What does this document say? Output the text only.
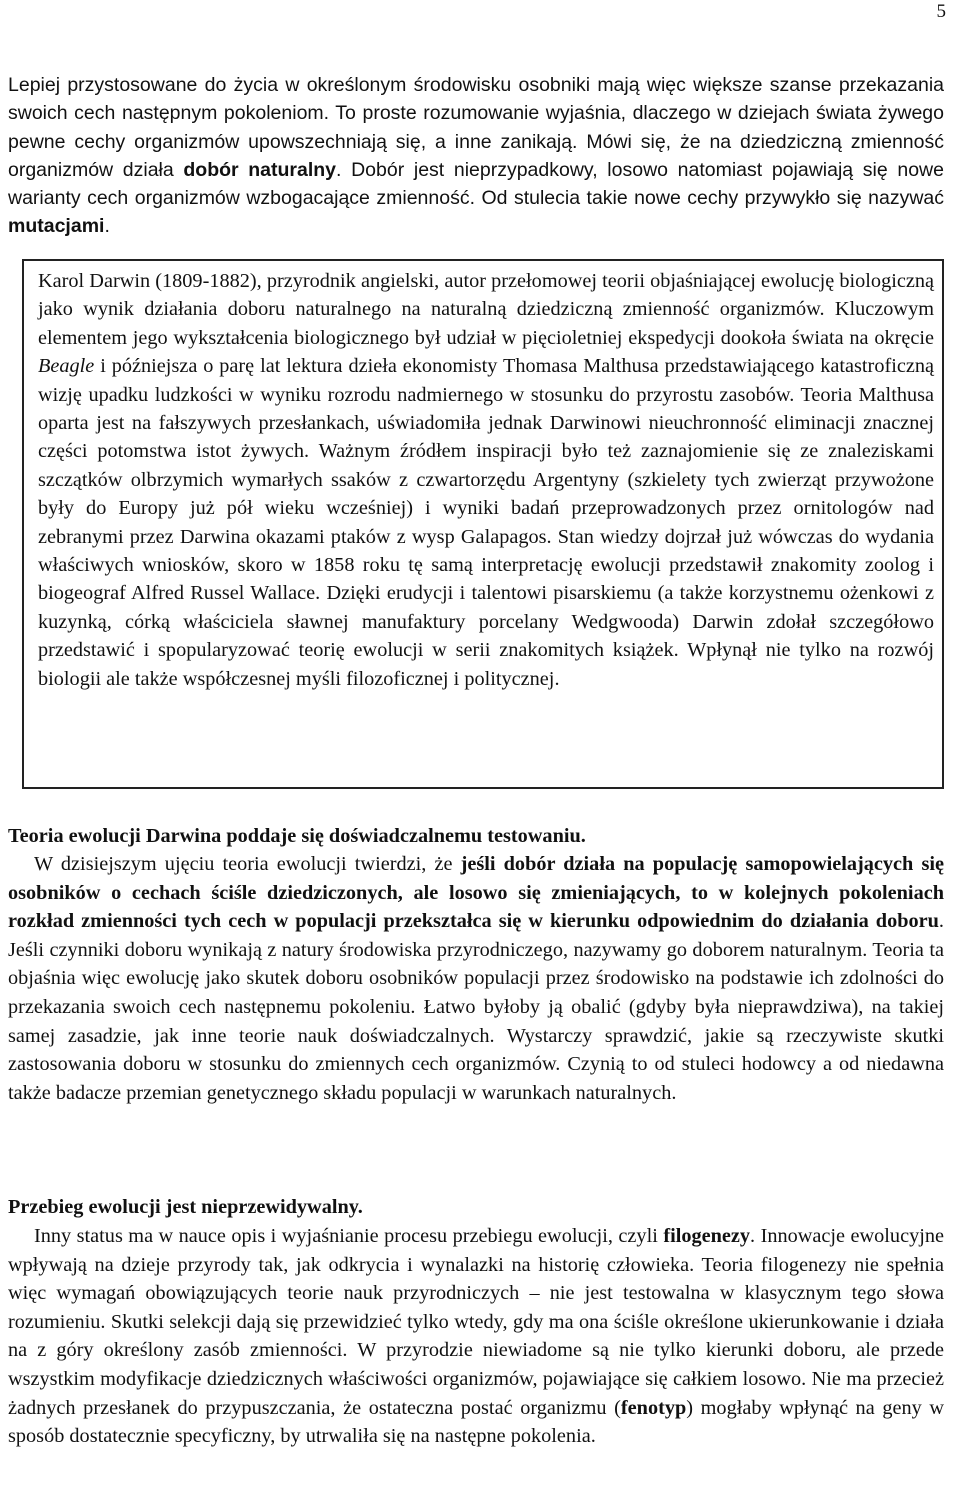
5

Lepiej przystosowane do życia w określonym środowisku osobniki mają więc większe szanse przekazania swoich cech następnym pokoleniom. To proste rozumowanie wyjaśnia, dlaczego w dziejach świata żywego pewne cechy organizmów upowszechniają się, a inne zanikają. Mówi się, że na dziedziczną zmienność organizmów działa dobór naturalny. Dobór jest nieprzypadkowy, losowo natomiast pojawiają się nowe warianty cech organizmów wzbogacające zmienność. Od stulecia takie nowe cechy przywykło się nazywać mutacjami.

Karol Darwin (1809-1882), przyrodnik angielski, autor przełomowej teorii objaśniającej ewolucję biologiczną jako wynik działania doboru naturalnego na naturalną dziedziczną zmienność organizmów. Kluczowym elementem jego wykształcenia biologicznego był udział w pięcioletniej ekspedycji dookoła świata na okręcie Beagle i późniejsza o parę lat lektura dzieła ekonomisty Thomasa Malthusa przedstawiającego katastroficzną wizję upadku ludzkości w wyniku rozrodu nadmiernego w stosunku do przyrostu zasobów. Teoria Malthusa oparta jest na fałszywych przesłankach, uświadomiła jednak Darwinowi nieuchronność eliminacji znacznej części potomstwa istot żywych. Ważnym źródłem inspiracji było też zaznajomienie się ze znaleziskami szczątków olbrzymich wymarłych ssaków z czwartorzędu Argentyny (szkielety tych zwierząt przywożone były do Europy już pół wieku wcześniej) i wyniki badań przeprowadzonych przez ornitologów nad zebranymi przez Darwina okazami ptaków z wysp Galapagos. Stan wiedzy dojrzał już wówczas do wydania właściwych wniosków, skoro w 1858 roku tę samą interpretację ewolucji przedstawił znakomity zoolog i biogeograf Alfred Russel Wallace. Dzięki erudycji i talentowi pisarskiemu (a także korzystnemu ożenkowi z kuzynką, córką właściciela sławnej manufaktury porcelany Wedgwooda) Darwin zdołał szczegółowo przedstawić i spopularyzować teorię ewolucji w serii znakomitych książek. Wpłynął nie tylko na rozwój biologii ale także współczesnej myśli filozoficznej i politycznej.

Teoria ewolucji Darwina poddaje się doświadczalnemu testowaniu.

W dzisiejszym ujęciu teoria ewolucji twierdzi, że jeśli dobór działa na populację samopowielających się osobników o cechach ściśle dziedziczonych, ale losowo się zmieniających, to w kolejnych pokoleniach rozkład zmienności tych cech w populacji przekształca się w kierunku odpowiednim do działania doboru. Jeśli czynniki doboru wynikają z natury środowiska przyrodniczego, nazywamy go doborem naturalnym. Teoria ta objaśnia więc ewolucję jako skutek doboru osobników populacji przez środowisko na podstawie ich zdolności do przekazania swoich cech następnemu pokoleniu. Łatwo byłoby ją obalić (gdyby była nieprawdziwa), na takiej samej zasadzie, jak inne teorie nauk doświadczalnych. Wystarczy sprawdzić, jakie są rzeczywiste skutki zastosowania doboru w stosunku do zmiennych cech organizmów. Czynią to od stuleci hodowcy a od niedawna także badacze przemian genetycznego składu populacji w warunkach naturalnych.

Przebieg ewolucji jest nieprzewidywalny.

Inny status ma w nauce opis i wyjaśnianie procesu przebiegu ewolucji, czyli filogenezy. Innowacje ewolucyjne wpływają na dzieje przyrody tak, jak odkrycia i wynalazki na historię człowieka. Teoria filogenezy nie spełnia więc wymagań obowiązujących teorie nauk przyrodniczych – nie jest testowalna w klasycznym tego słowa rozumieniu. Skutki selekcji dają się przewidzieć tylko wtedy, gdy ma ona ściśle określone ukierunkowanie i działa na z góry określony zasób zmienności. W przyrodzie niewiadome są nie tylko kierunki doboru, ale przede wszystkim modyfikacje dziedzicznych właściwości organizmów, pojawiające się całkiem losowo. Nie ma przecież żadnych przesłanek do przypuszczania, że ostateczna postać organizmu (fenotyp) mogłaby wpłynąć na geny w sposób dostatecznie specyficzny, by utrwaliła się na następne pokolenia.
